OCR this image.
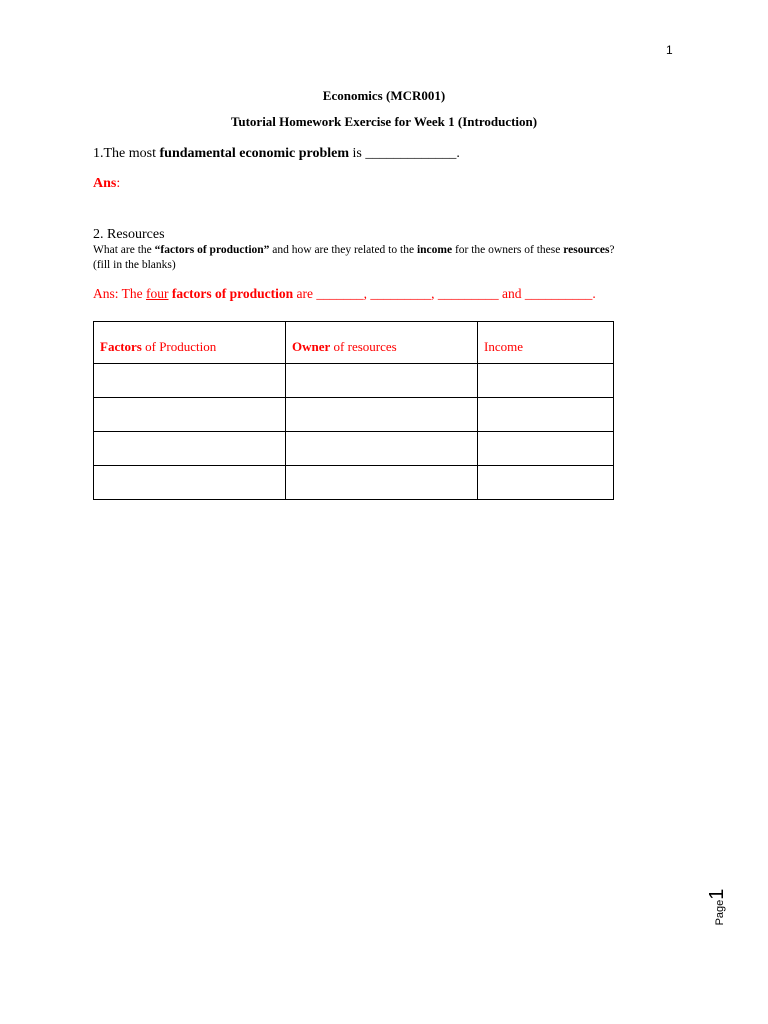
1
Economics (MCR001)
Tutorial Homework Exercise for Week 1 (Introduction)
1.The most fundamental economic problem is _____________.
Ans:
2. Resources
What are the “factors of production” and how are they related to the income for the owners of these resources? (fill in the blanks)
Ans: The four factors of production are _______, _________, _________ and __________.
Factors of Production	Owner of resources	Income

Page
1
